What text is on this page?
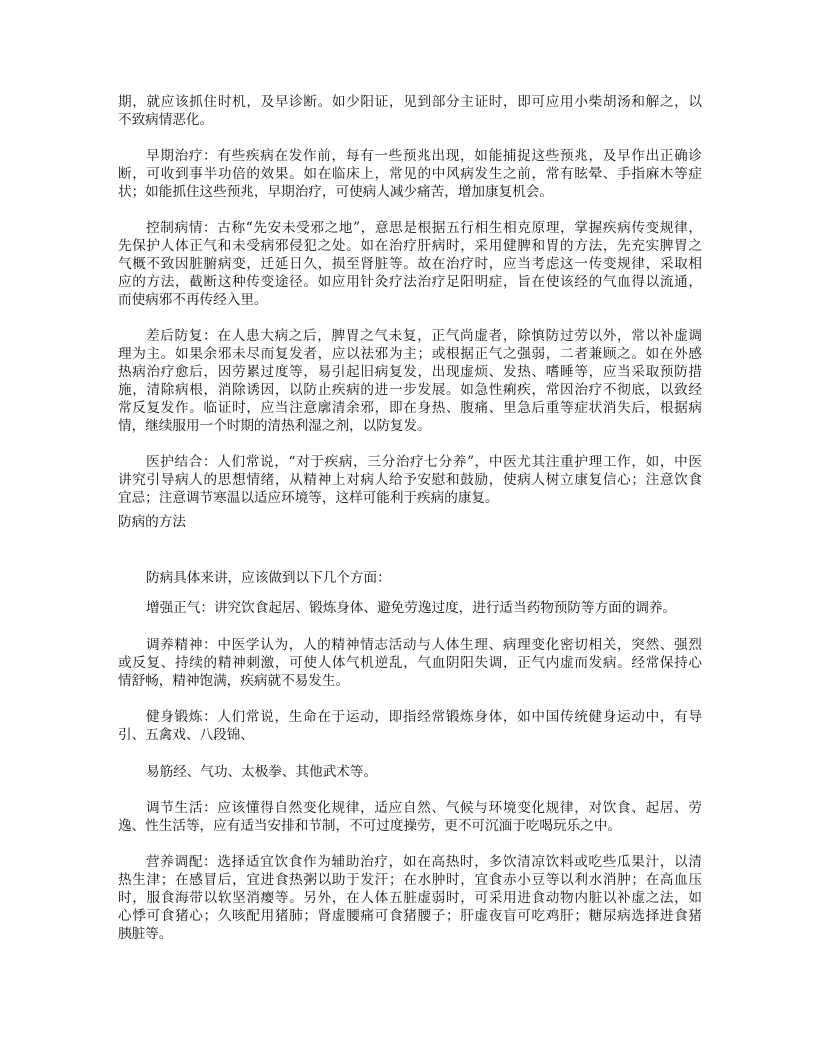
期，就应该抓住时机，及早诊断。如少阳证，见到部分主证时，即可应用小柴胡汤和解之，以
不致病情恶化。
早期治疗：有些疾病在发作前，每有一些预兆出现，如能捕捉这些预兆，及早作出正确诊
断，可收到事半功倍的效果。如在临床上，常见的中风病发生之前，常有眩晕、手指麻木等症
状；如能抓住这些预兆，早期治疗，可使病人减少痛苦，增加康复机会。
控制病情：古称“先安未受邪之地”，意思是根据五行相生相克原理，掌握疾病传变规律，
先保护人体正气和未受病邪侵犯之处。如在治疗肝病时，采用健脾和胃的方法，先充实脾胃之
气概不致因脏腑病变，迁延日久，损至肾脏等。故在治疗时，应当考虑这一传变规律，采取相
应的方法，截断这种传变途径。如应用针灸疗法治疗足阳明症，旨在使该经的气血得以流通，
而使病邪不再传经入里。
差后防复：在人患大病之后，脾胃之气未复，正气尚虚者，除慎防过劳以外，常以补虚调
理为主。如果余邪未尽而复发者，应以祛邪为主；或根据正气之强弱，二者兼顾之。如在外感
热病治疗愈后，因劳累过度等，易引起旧病复发，出现虚烦、发热、嗜睡等，应当采取预防措
施，清除病根，消除诱因，以防止疾病的进一步发展。如急性痢疾，常因治疗不彻底，以致经
常反复发作。临证时，应当注意廓清余邪，即在身热、腹痛、里急后重等症状消失后，根据病
情，继续服用一个时期的清热利湿之剂，以防复发。
医护结合：人们常说，“对于疾病，三分治疗七分养”，中医尤其注重护理工作，如，中医
讲究引导病人的思想情绪，从精神上对病人给予安慰和鼓励，使病人树立康复信心；注意饮食
宜忌；注意调节寒温以适应环境等，这样可能利于疾病的康复。
防病的方法
防病具体来讲，应该做到以下几个方面：
增强正气：讲究饮食起居、锻炼身体、避免劳逸过度，进行适当药物预防等方面的调养。
调养精神：中医学认为，人的精神情志活动与人体生理、病理变化密切相关，突然、强烈
或反复、持续的精神刺激，可使人体气机逆乱，气血阴阳失调，正气内虚而发病。经常保持心
情舒畅，精神饱满，疾病就不易发生。
健身锻炼：人们常说，生命在于运动，即指经常锻炼身体，如中国传统健身运动中，有导
引、五禽戏、八段锦、
易筋经、气功、太极拳、其他武术等。
调节生活：应该懂得自然变化规律，适应自然、气候与环境变化规律，对饮食、起居、劳
逸、性生活等，应有适当安排和节制，不可过度操劳，更不可沉湎于吃喝玩乐之中。
营养调配：选择适宜饮食作为辅助治疗，如在高热时，多饮清凉饮料或吃些瓜果汁，以清
热生津；在感冒后，宜进食热粥以助于发汗；在水肿时，宜食赤小豆等以利水消肿；在高血压
时，服食海带以软坚消瘿等。另外，在人体五脏虚弱时，可采用进食动物内脏以补虚之法，如
心悸可食猪心；久咳配用猪肺；肾虚腰痛可食猪腰子；肝虚夜盲可吃鸡肝；糖尿病选择进食猪
胰脏等。
